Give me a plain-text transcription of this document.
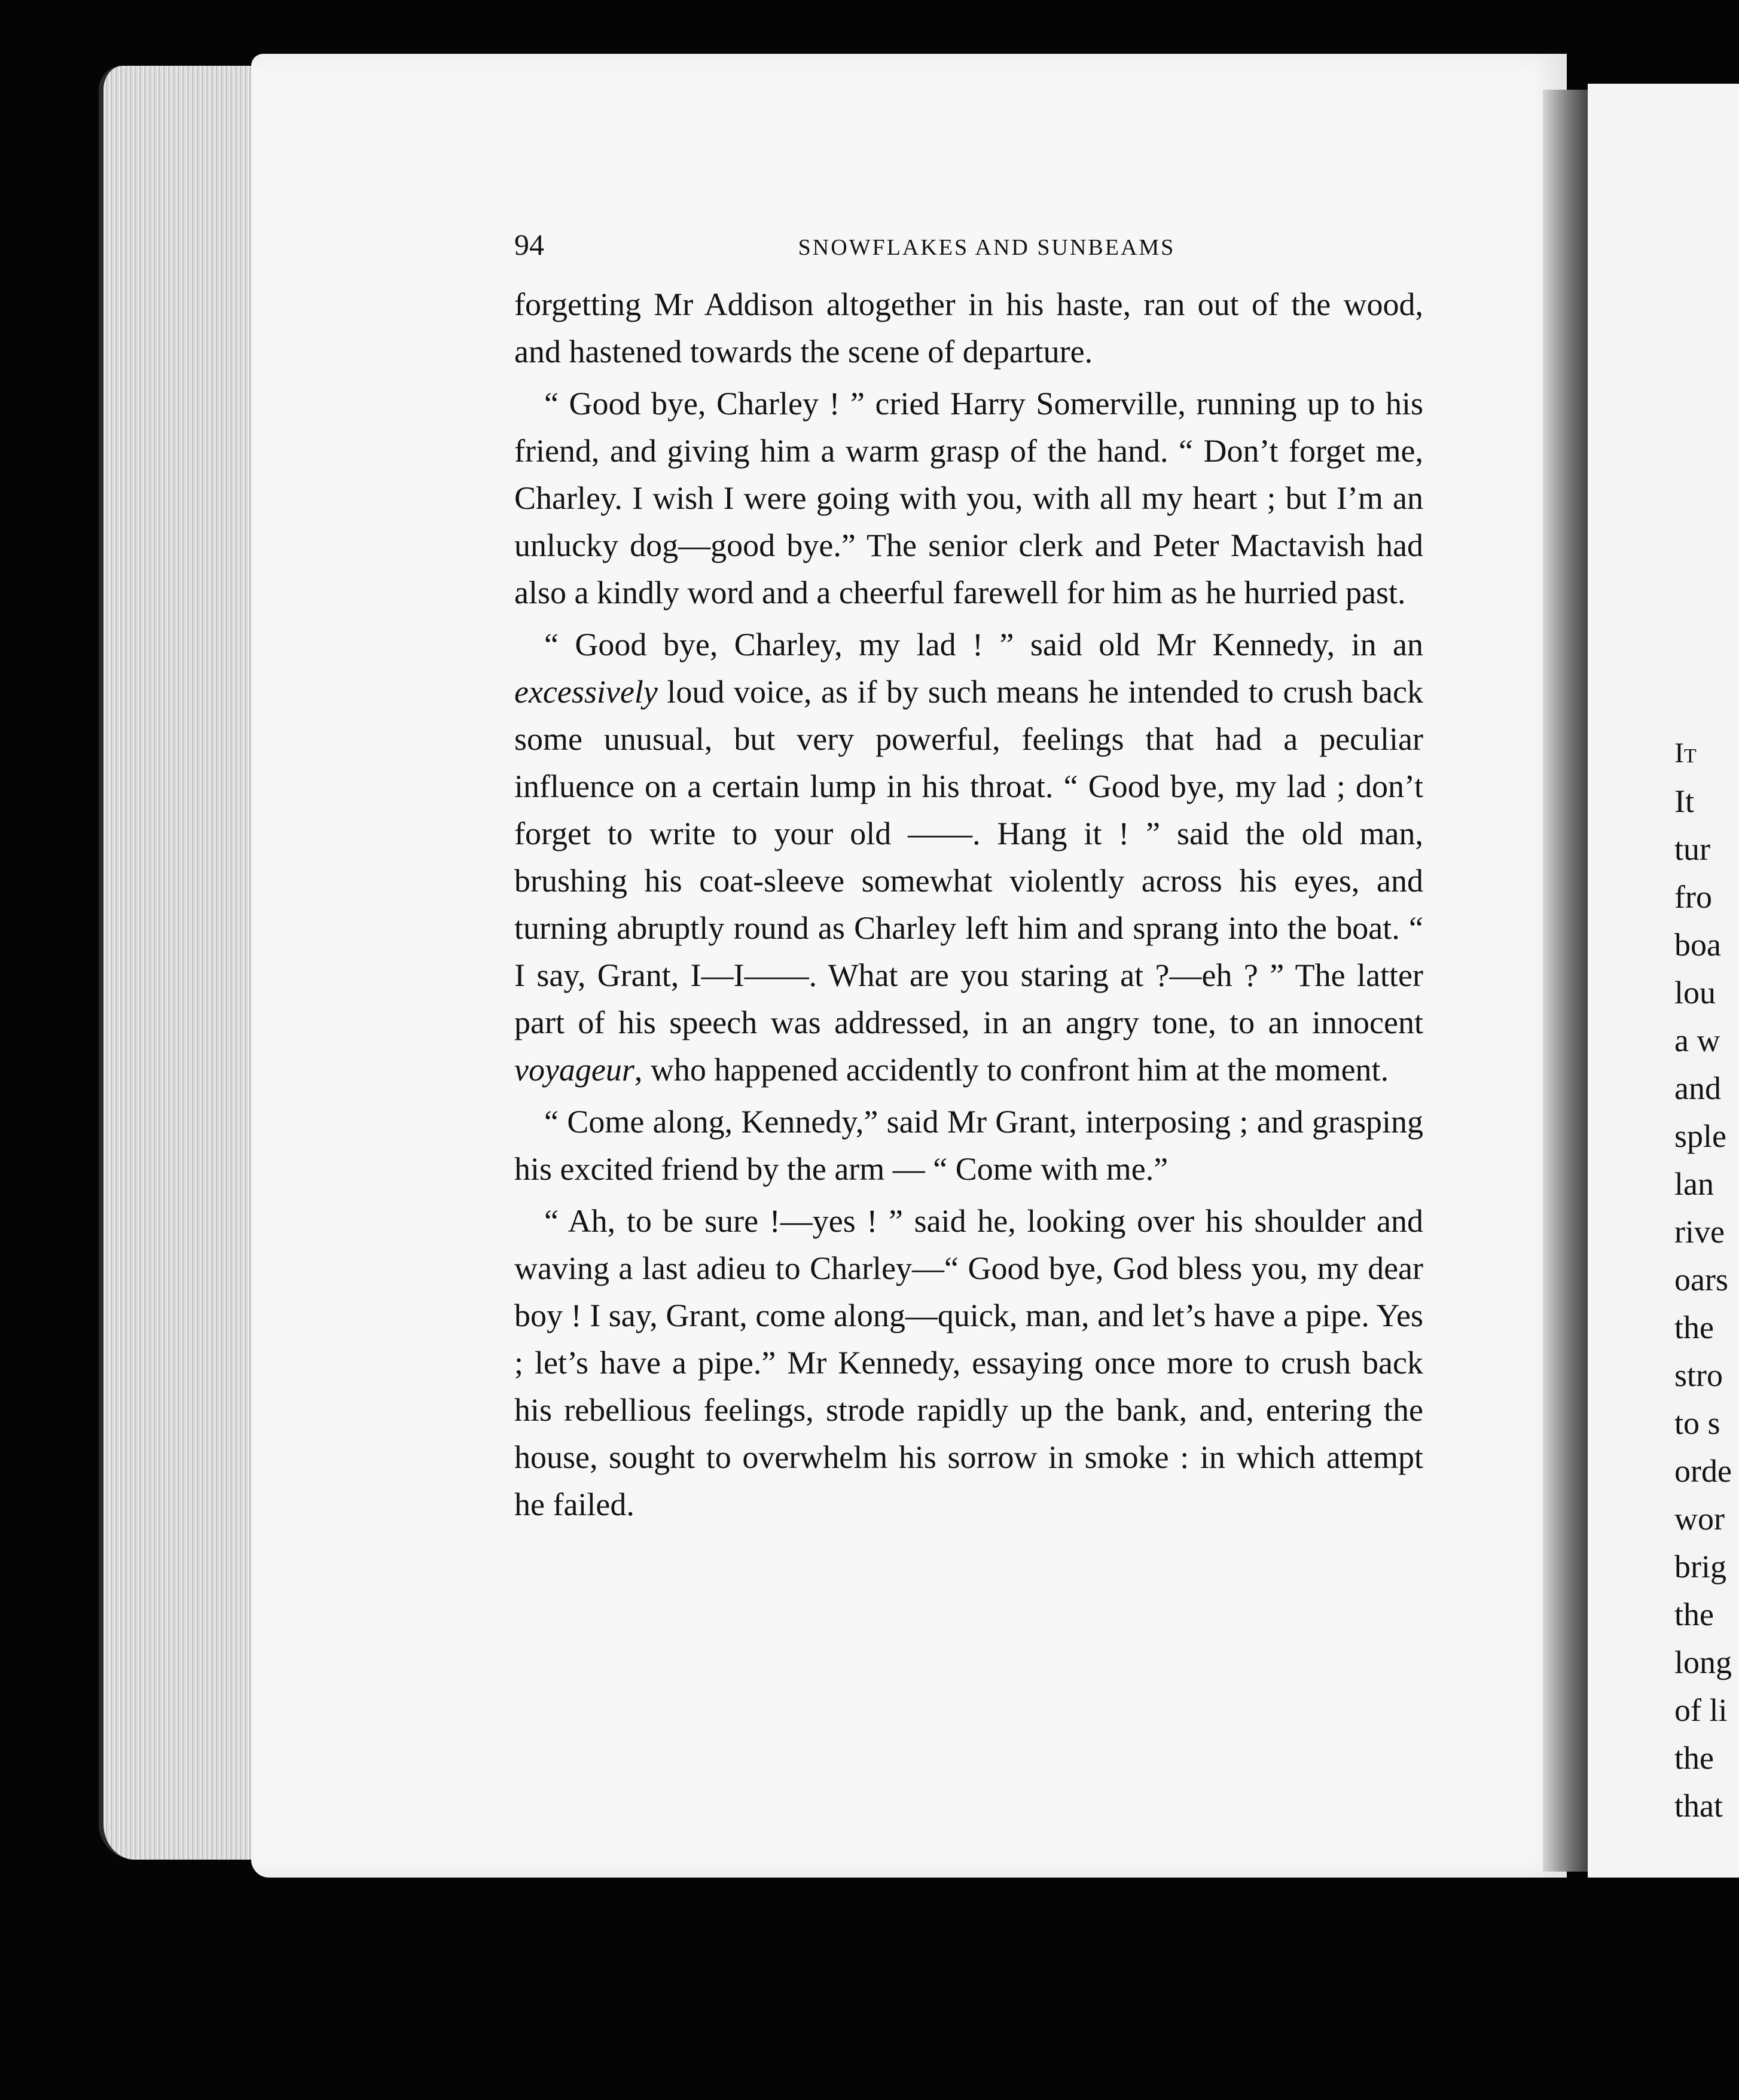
94	SNOWFLAKES AND SUNBEAMS

forgetting Mr Addison altogether in his haste, ran out of the wood, and hastened towards the scene of departure.

“ Good bye, Charley ! ” cried Harry Somerville, running up to his friend, and giving him a warm grasp of the hand. “ Don’t forget me, Charley. I wish I were going with you, with all my heart ; but I’m an unlucky dog—good bye.” The senior clerk and Peter Mactavish had also a kindly word and a cheerful farewell for him as he hurried past.

“ Good bye, Charley, my lad ! ” said old Mr Kennedy, in an excessively loud voice, as if by such means he intended to crush back some unusual, but very powerful, feelings that had a peculiar influence on a certain lump in his throat. “ Good bye, my lad ; don’t forget to write to your old ——. Hang it ! ” said the old man, brushing his coat-sleeve somewhat violently across his eyes, and turning abruptly round as Charley left him and sprang into the boat. “ I say, Grant, I—I——. What are you staring at ?—eh ? ” The latter part of his speech was addressed, in an angry tone, to an innocent voyageur, who happened accidently to confront him at the moment.

“ Come along, Kennedy,” said Mr Grant, interposing ; and grasping his excited friend by the arm — “ Come with me.”

“ Ah, to be sure !—yes ! ” said he, looking over his shoulder and waving a last adieu to Charley—“ Good bye, God bless you, my dear boy ! I say, Grant, come along—quick, man, and let’s have a pipe. Yes ; let’s have a pipe.” Mr Kennedy, essaying once more to crush back his rebellious feelings, strode rapidly up the bank, and, entering the house, sought to overwhelm his sorrow in smoke : in which attempt he failed.

It
It
tur
fro
boa
lou
a w
and
sple
lan
rive
oars
the
stro
to s
orde
wor
brig
the
long
of li
the
that
